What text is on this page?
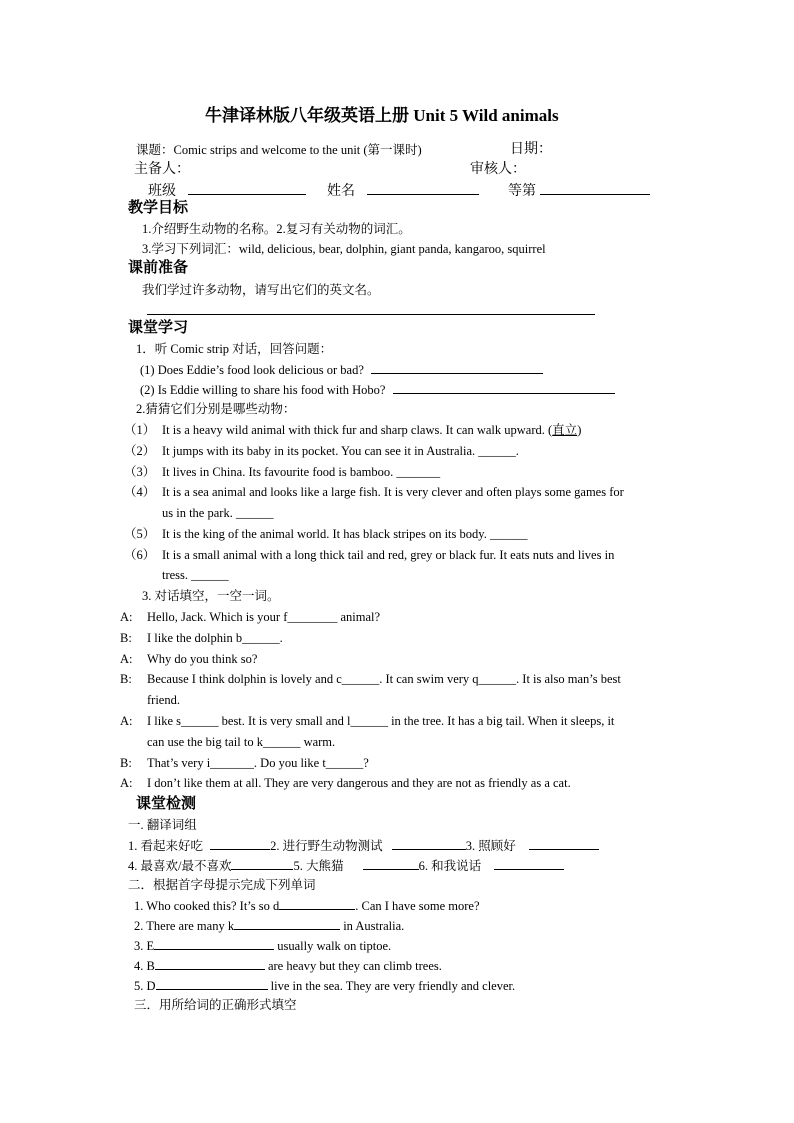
牛津译林版八年级英语上册 Unit 5 Wild animals
课题：Comic strips and welcome to the unit (第一课时)	日期：
主备人：	审核人：
班级	姓名	等第
教学目标
1.介绍野生动物的名称。2.复习有关动物的词汇。
3.学习下列词汇：wild, delicious, bear, dolphin, giant panda, kangaroo, squirrel
课前准备
我们学过许多动物，请写出它们的英文名。
课堂学习
1．听 Comic strip 对话，回答问题：
(1) Does Eddie’s food look delicious or bad?
(2) Is Eddie willing to share his food with Hobo?
2.猜猜它们分别是哪些动物：
（1） It is a heavy wild animal with thick fur and sharp claws. It can walk upward. (直立)
（2） It jumps with its baby in its pocket. You can see it in Australia. ______.
（3） It lives in China. Its favourite food is bamboo. _______
（4） It is a sea animal and looks like a large fish. It is very clever and often plays some games for
us in the park. ______
（5） It is the king of the animal world. It has black stripes on its body. ______
（6） It is a small animal with a long thick tail and red, grey or black fur. It eats nuts and lives in
tress. ______
3. 对话填空，一空一词。
A: Hello, Jack. Which is your f________ animal?
B: I like the dolphin b______.
A: Why do you think so?
B: Because I think dolphin is lovely and c______. It can swim very q______. It is also man’s best
friend.
A: I like s______ best. It is very small and l______ in the tree. It has a big tail. When it sleeps, it
can use the big tail to k______ warm.
B: That’s very i_______. Do you like t______?
A: I don’t like them at all. They are very dangerous and they are not as friendly as a cat.
课堂检测
一. 翻译词组
1. 看起来好吃	2. 进行野生动物测试	3. 照顾好
4. 最喜欢/最不喜欢	5. 大熊猫	6. 和我说话
二．根据首字母提示完成下列单词
1. Who cooked this? It’s so d	. Can I have some more?
2. There are many k	in Australia.
3. E	usually walk on tiptoe.
4. B	are heavy but they can climb trees.
5. D	live in the sea. They are very friendly and clever.
三．用所给词的正确形式填空
